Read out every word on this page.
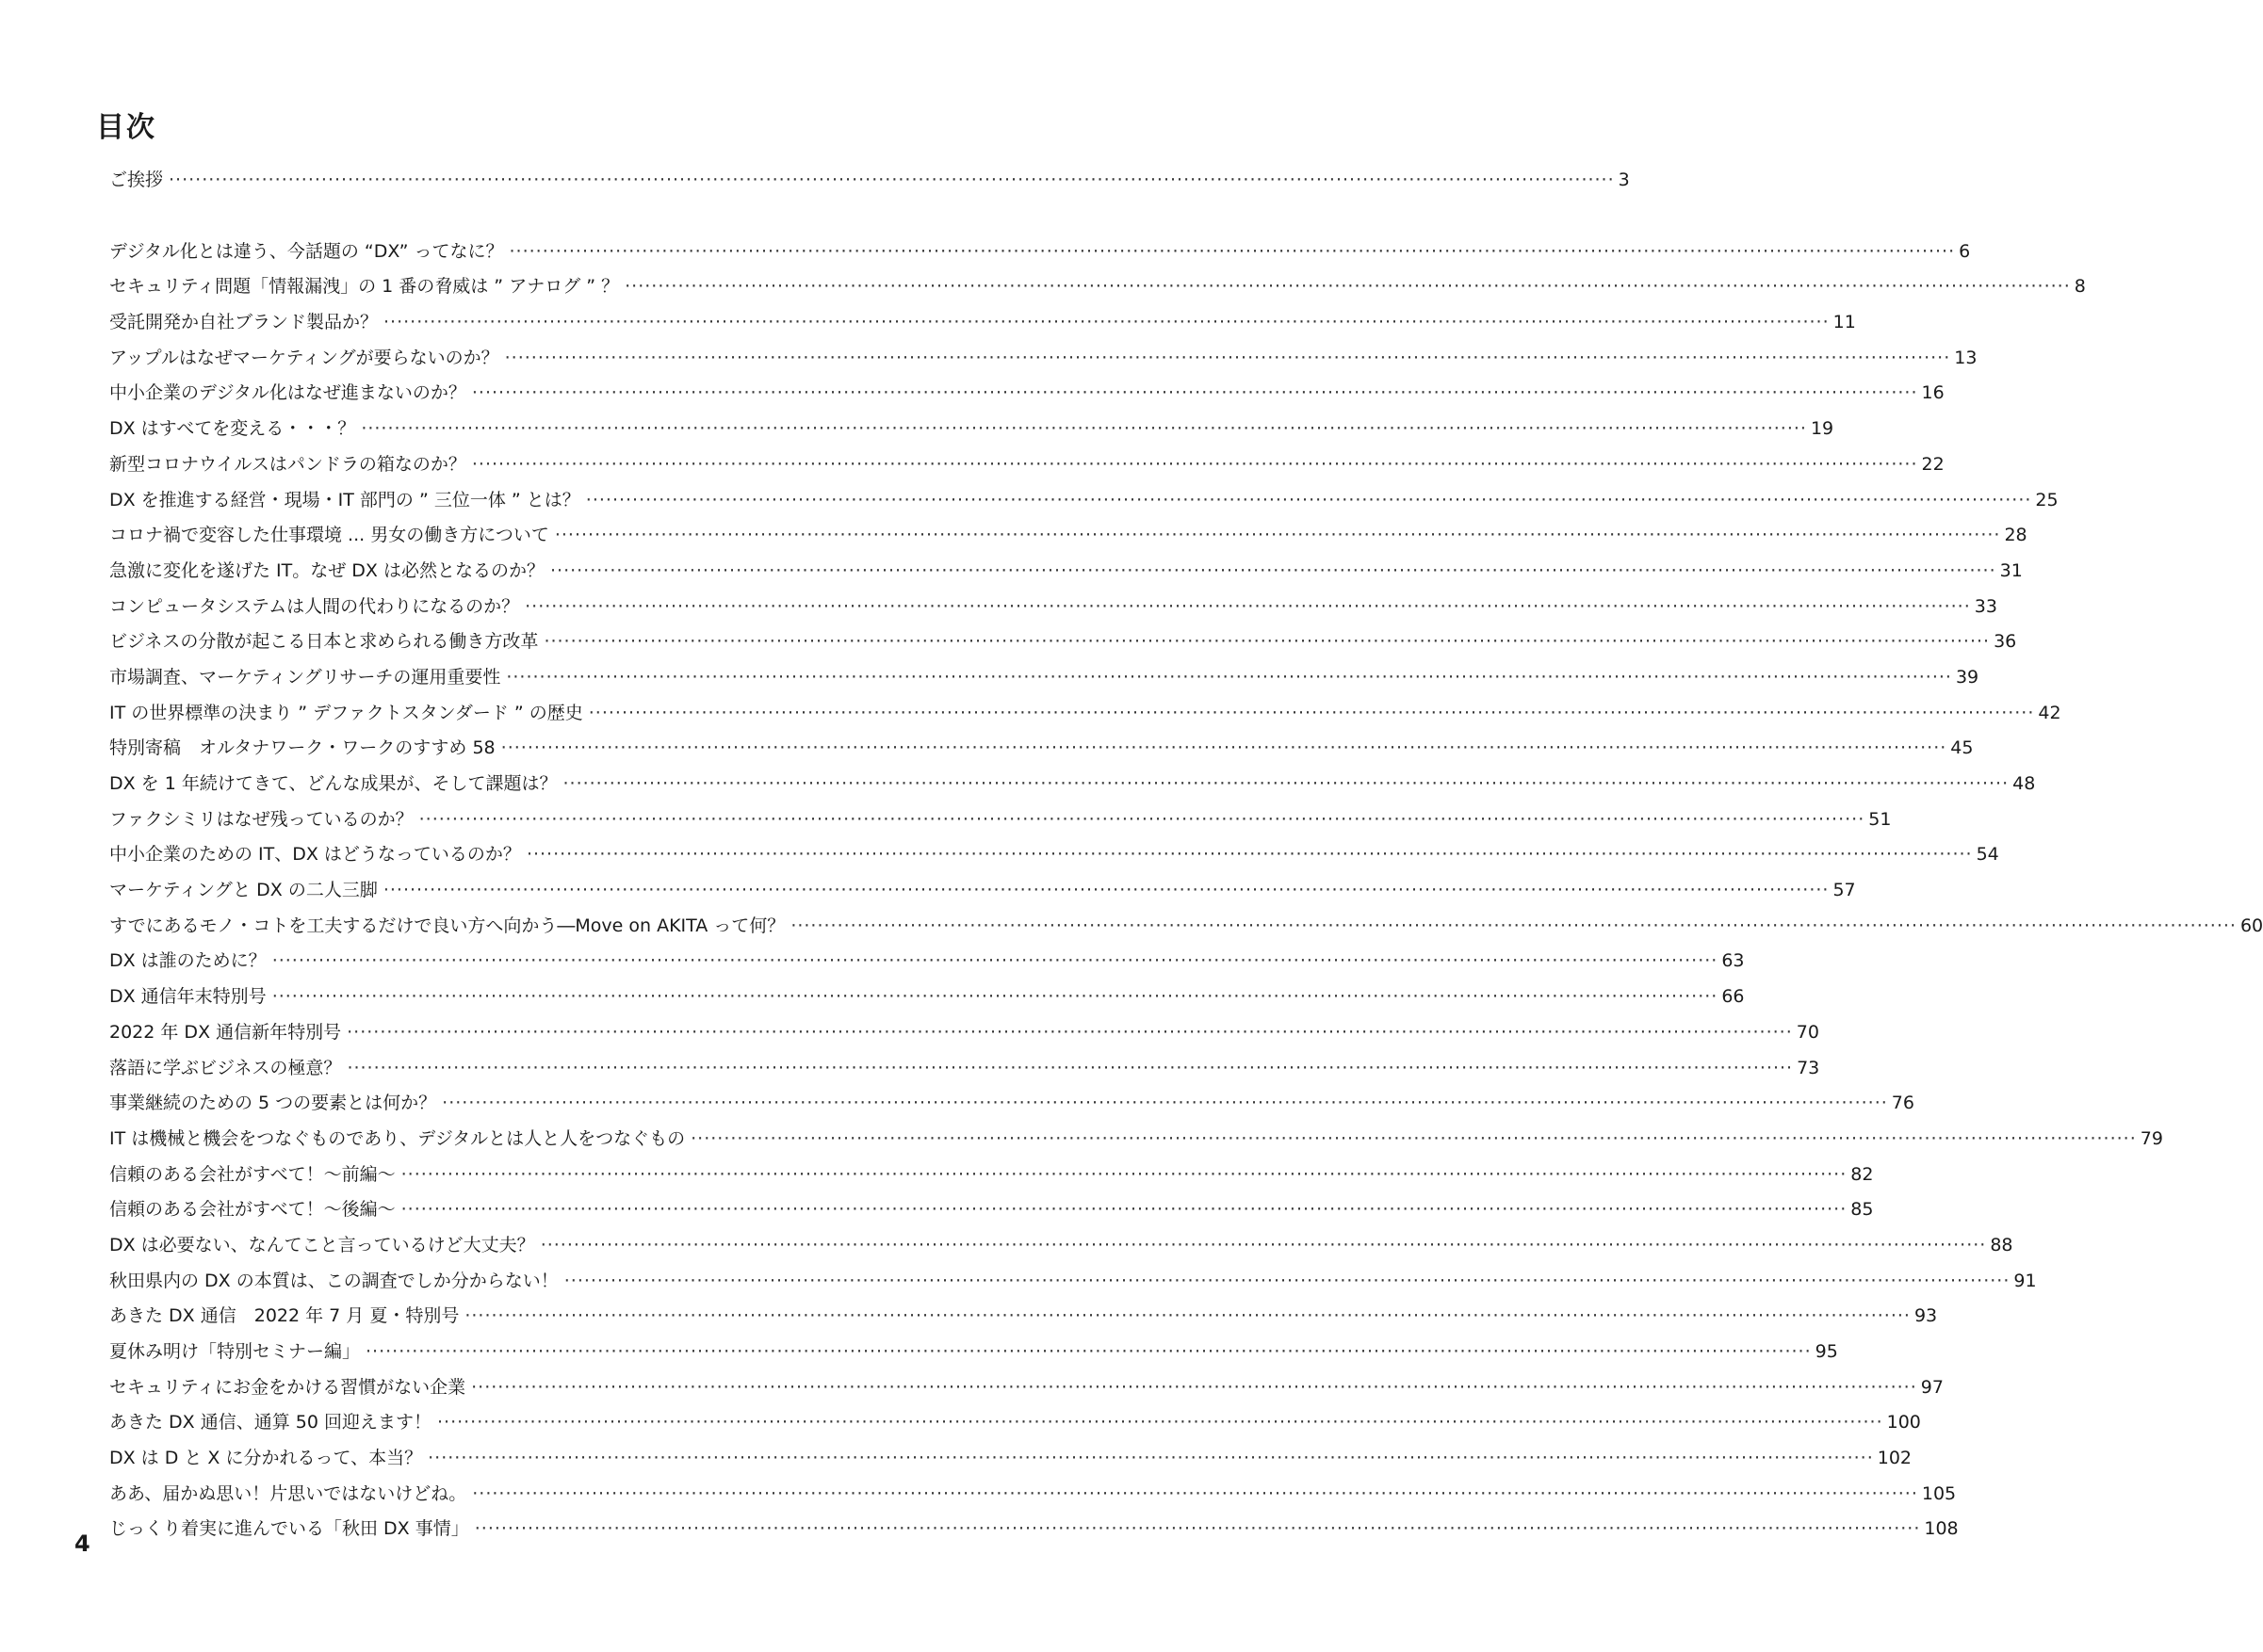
目次
ご挨拶 ·····	3
デジタル化とは違う、今話題の “DX” ってなに？ ·····	6
セキュリティ問題「情報漏洩」の 1 番の脅威は ” アナログ ” ？ ·····	8
受託開発か自社ブランド製品か？ ·····	11
アップルはなぜマーケティングが要らないのか？ ·····	13
中小企業のデジタル化はなぜ進まないのか？ ·····	16
DX はすべてを変える・・・？ ·····	19
新型コロナウイルスはパンドラの箱なのか？ ·····	22
DX を推進する経営・現場・IT 部門の ” 三位一体 ” とは？ ·····	25
コロナ禍で変容した仕事環境 ... 男女の働き方について ·····	28
急激に変化を遂げた IT。なぜ DX は必然となるのか？ ·····	31
コンピュータシステムは人間の代わりになるのか？ ·····	33
ビジネスの分散が起こる日本と求められる働き方改革 ·····	36
市場調査、マーケティングリサーチの運用重要性 ·····	39
IT の世界標準の決まり ” デファクトスタンダード ” の歴史 ·····	42
特別寄稿　オルタナワーク・ワークのすすめ 58 ·····	45
DX を 1 年続けてきて、どんな成果が、そして課題は？ ·····	48
ファクシミリはなぜ残っているのか？ ·····	51
中小企業のための IT、DX はどうなっているのか？ ·····	54
マーケティングと DX の二人三脚 ·····	57
すでにあるモノ・コトを工夫するだけで良い方へ向かう―Move on AKITA って何？ ·····	60
DX は誰のために？ ·····	63
DX 通信年末特別号 ·····	66
2022 年 DX 通信新年特別号 ·····	70
落語に学ぶビジネスの極意？ ·····	73
事業継続のための 5 つの要素とは何か？ ·····	76
IT は機械と機会をつなぐものであり、デジタルとは人と人をつなぐもの ·····	79
信頼のある会社がすべて！〜前編〜 ·····	82
信頼のある会社がすべて！〜後編〜 ·····	85
DX は必要ない、なんてこと言っているけど大丈夫？ ·····	88
秋田県内の DX の本質は、この調査でしか分からない！ ·····	91
あきた DX 通信　2022 年 7 月 夏・特別号 ·····	93
夏休み明け「特別セミナー編」 ·····	95
セキュリティにお金をかける習慣がない企業 ·····	97
あきた DX 通信、通算 50 回迎えます！ ·····	100
DX は D と X に分かれるって、本当？ ·····	102
ああ、届かぬ思い！片思いではないけどね。 ·····	105
じっくり着実に進んでいる「秋田 DX 事情」 ·····	108
4
